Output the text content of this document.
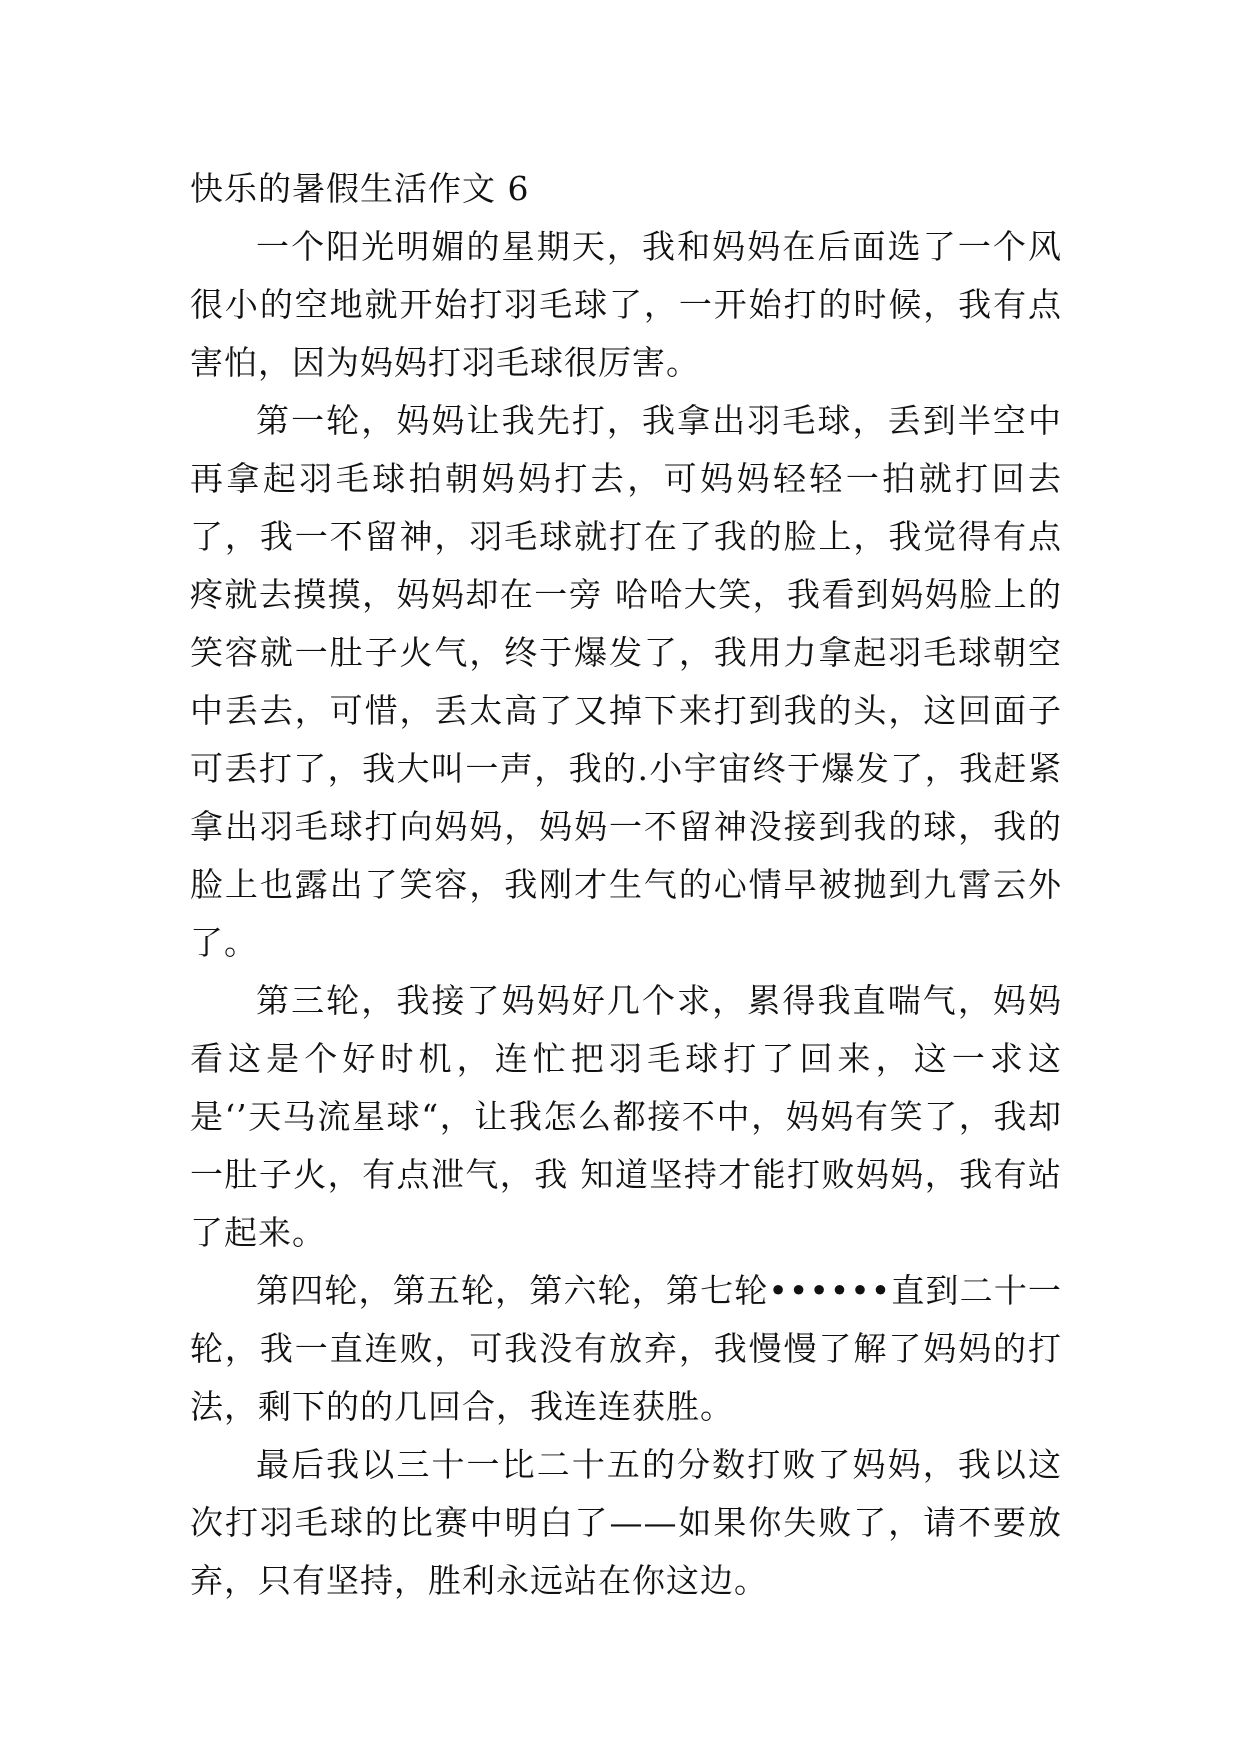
快乐的暑假生活作文 6

一个阳光明媚的星期天，我和妈妈在后面选了一个风很小的空地就开始打羽毛球了，一开始打的时候，我有点害怕，因为妈妈打羽毛球很厉害。

第一轮，妈妈让我先打，我拿出羽毛球，丢到半空中再拿起羽毛球拍朝妈妈打去，可妈妈轻轻一拍就打回去了，我一不留神，羽毛球就打在了我的脸上，我觉得有点疼就去摸摸，妈妈却在一旁 哈哈大笑，我看到妈妈脸上的笑容就一肚子火气，终于爆发了，我用力拿起羽毛球朝空中丢去，可惜，丢太高了又掉下来打到我的头，这回面子可丢打了，我大叫一声，我的.小宇宙终于爆发了，我赶紧 拿出羽毛球打向妈妈，妈妈一不留神没接到我的球，我的脸上也露出了笑容，我刚才生气的心情早被抛到九霄云外了。

第三轮，我接了妈妈好几个求，累得我直喘气，妈妈看这是个好时机，连忙把羽毛球打了回来，这一求这是‘’天马流星球“，让我怎么都接不中，妈妈有笑了，我却一肚子火，有点泄气，我 知道坚持才能打败妈妈，我有站了起来。

第四轮，第五轮，第六轮，第七轮••••••直到二十一轮，我一直连败，可我没有放弃，我慢慢了解了妈妈的打法，剩下的的几回合，我连连获胜。

最后我以三十一比二十五的分数打败了妈妈，我以这次打羽毛球的比赛中明白了——如果你失败了，请不要放弃，只有坚持，胜利永远站在你这边。
